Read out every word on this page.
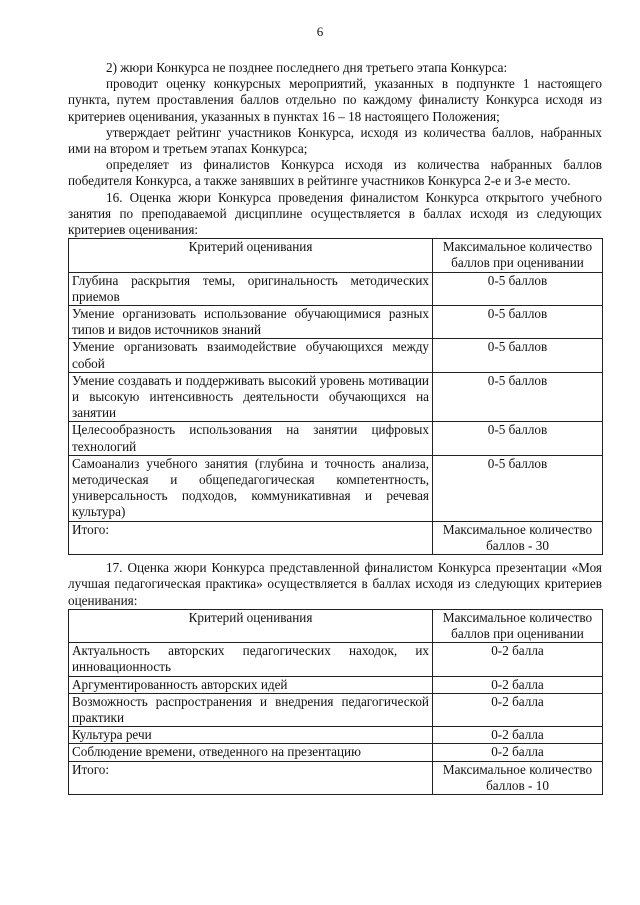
6

2) жюри Конкурса не позднее последнего дня третьего этапа Конкурса:

проводит оценку конкурсных мероприятий, указанных в подпункте 1 настоящего пункта, путем проставления баллов отдельно по каждому финалисту Конкурса исходя из критериев оценивания, указанных в пунктах 16 – 18 настоящего Положения;

утверждает рейтинг участников Конкурса, исходя из количества баллов, набранных ими на втором и третьем этапах Конкурса;

определяет из финалистов Конкурса исходя из количества набранных баллов победителя Конкурса, а также занявших в рейтинге участников Конкурса 2-е и 3-е место.

16. Оценка жюри Конкурса проведения финалистом Конкурса открытого учебного занятия по преподаваемой дисциплине осуществляется в баллах исходя из следующих критериев оценивания:

Критерий оценивания	Максимальное количество баллов при оценивании
Глубина раскрытия темы, оригинальность методических приемов	0-5 баллов
Умение организовать использование обучающимися разных типов и видов источников знаний	0-5 баллов
Умение организовать взаимодействие обучающихся между собой	0-5 баллов
Умение создавать и поддерживать высокий уровень мотивации и высокую интенсивность деятельности обучающихся на занятии	0-5 баллов
Целесообразность использования на занятии цифровых технологий	0-5 баллов
Самоанализ учебного занятия (глубина и точность анализа, методическая и общепедагогическая компетентность, универсальность подходов, коммуникативная и речевая культура)	0-5 баллов
Итого:	Максимальное количество баллов - 30

17. Оценка жюри Конкурса представленной финалистом Конкурса презентации «Моя лучшая педагогическая практика» осуществляется в баллах исходя из следующих критериев оценивания:

Критерий оценивания	Максимальное количество баллов при оценивании
Актуальность авторских педагогических находок, их инновационность	0-2 балла
Аргументированность авторских идей	0-2 балла
Возможность распространения и внедрения педагогической практики	0-2 балла
Культура речи	0-2 балла
Соблюдение времени, отведенного на презентацию	0-2 балла
Итого:	Максимальное количество баллов - 10
